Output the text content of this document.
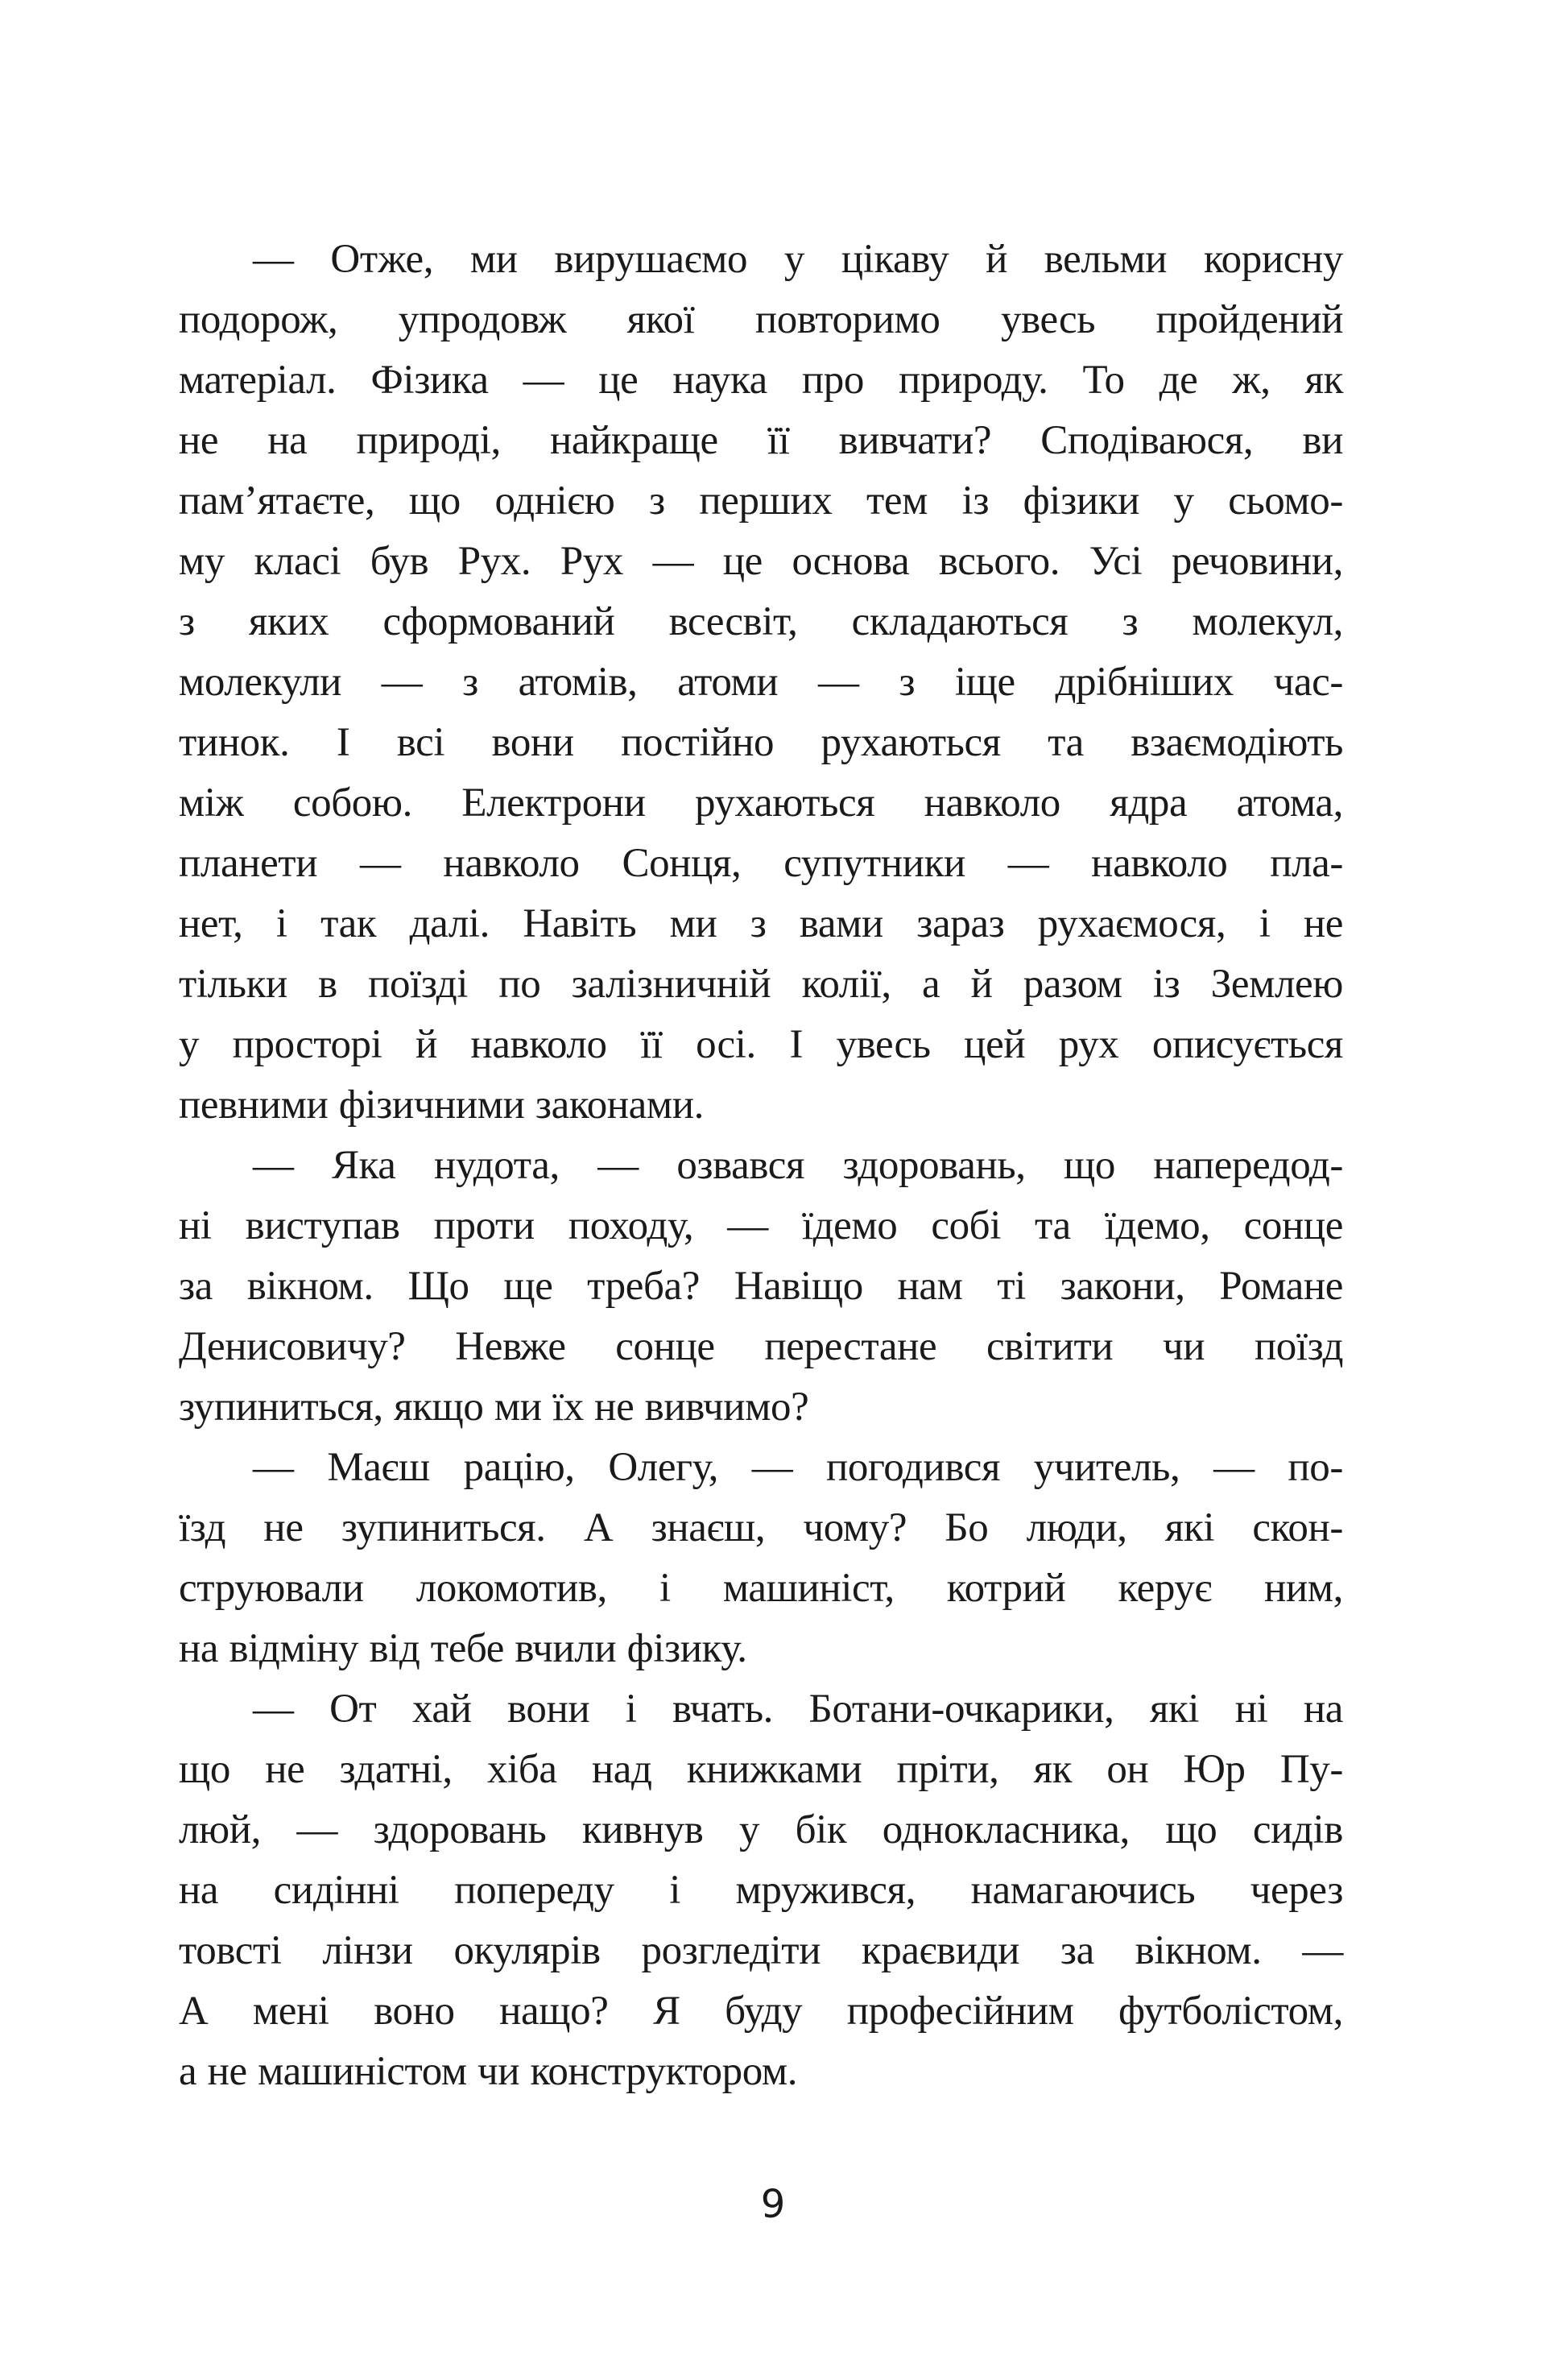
— Отже, ми вирушаємо у цікаву й вельми корисну
подорож, упродовж якої повторимо увесь пройдений
матеріал. Фізика — це наука про природу. То де ж, як
не на природі, найкраще її вивчати? Сподіваюся, ви
пам’ятаєте, що однією з перших тем із фізики у сьомо-
му класі був Рух. Рух — це основа всього. Усі речовини,
з яких сформований всесвіт, складаються з молекул,
молекули — з атомів, атоми — з іще дрібніших час-
тинок. І всі вони постійно рухаються та взаємодіють
між собою. Електрони рухаються навколо ядра атома,
планети — навколо Сонця, супутники — навколо пла-
нет, і так далі. Навіть ми з вами зараз рухаємося, і не
тільки в поїзді по залізничній колії, а й разом із Землею
у просторі й навколо її осі. І увесь цей рух описується
певними фізичними законами.
— Яка нудота, — озвався здоровань, що напередод-
ні виступав проти походу, — їдемо собі та їдемо, сонце
за вікном. Що ще треба? Навіщо нам ті закони, Романе
Денисовичу? Невже сонце перестане світити чи поїзд
зупиниться, якщо ми їх не вивчимо?
— Маєш рацію, Олегу, — погодився учитель, — по-
їзд не зупиниться. А знаєш, чому? Бо люди, які скон-
струювали локомотив, і машиніст, котрий керує ним,
на відміну від тебе вчили фізику.
— От хай вони і вчать. Ботани-очкарики, які ні на
що не здатні, хіба над книжками пріти, як он Юр Пу-
люй, — здоровань кивнув у бік однокласника, що сидів
на сидінні попереду і мружився, намагаючись через
товсті лінзи окулярів розгледіти краєвиди за вікном. —
А мені воно нащо? Я буду професійним футболістом,
а не машиністом чи конструктором.
9
